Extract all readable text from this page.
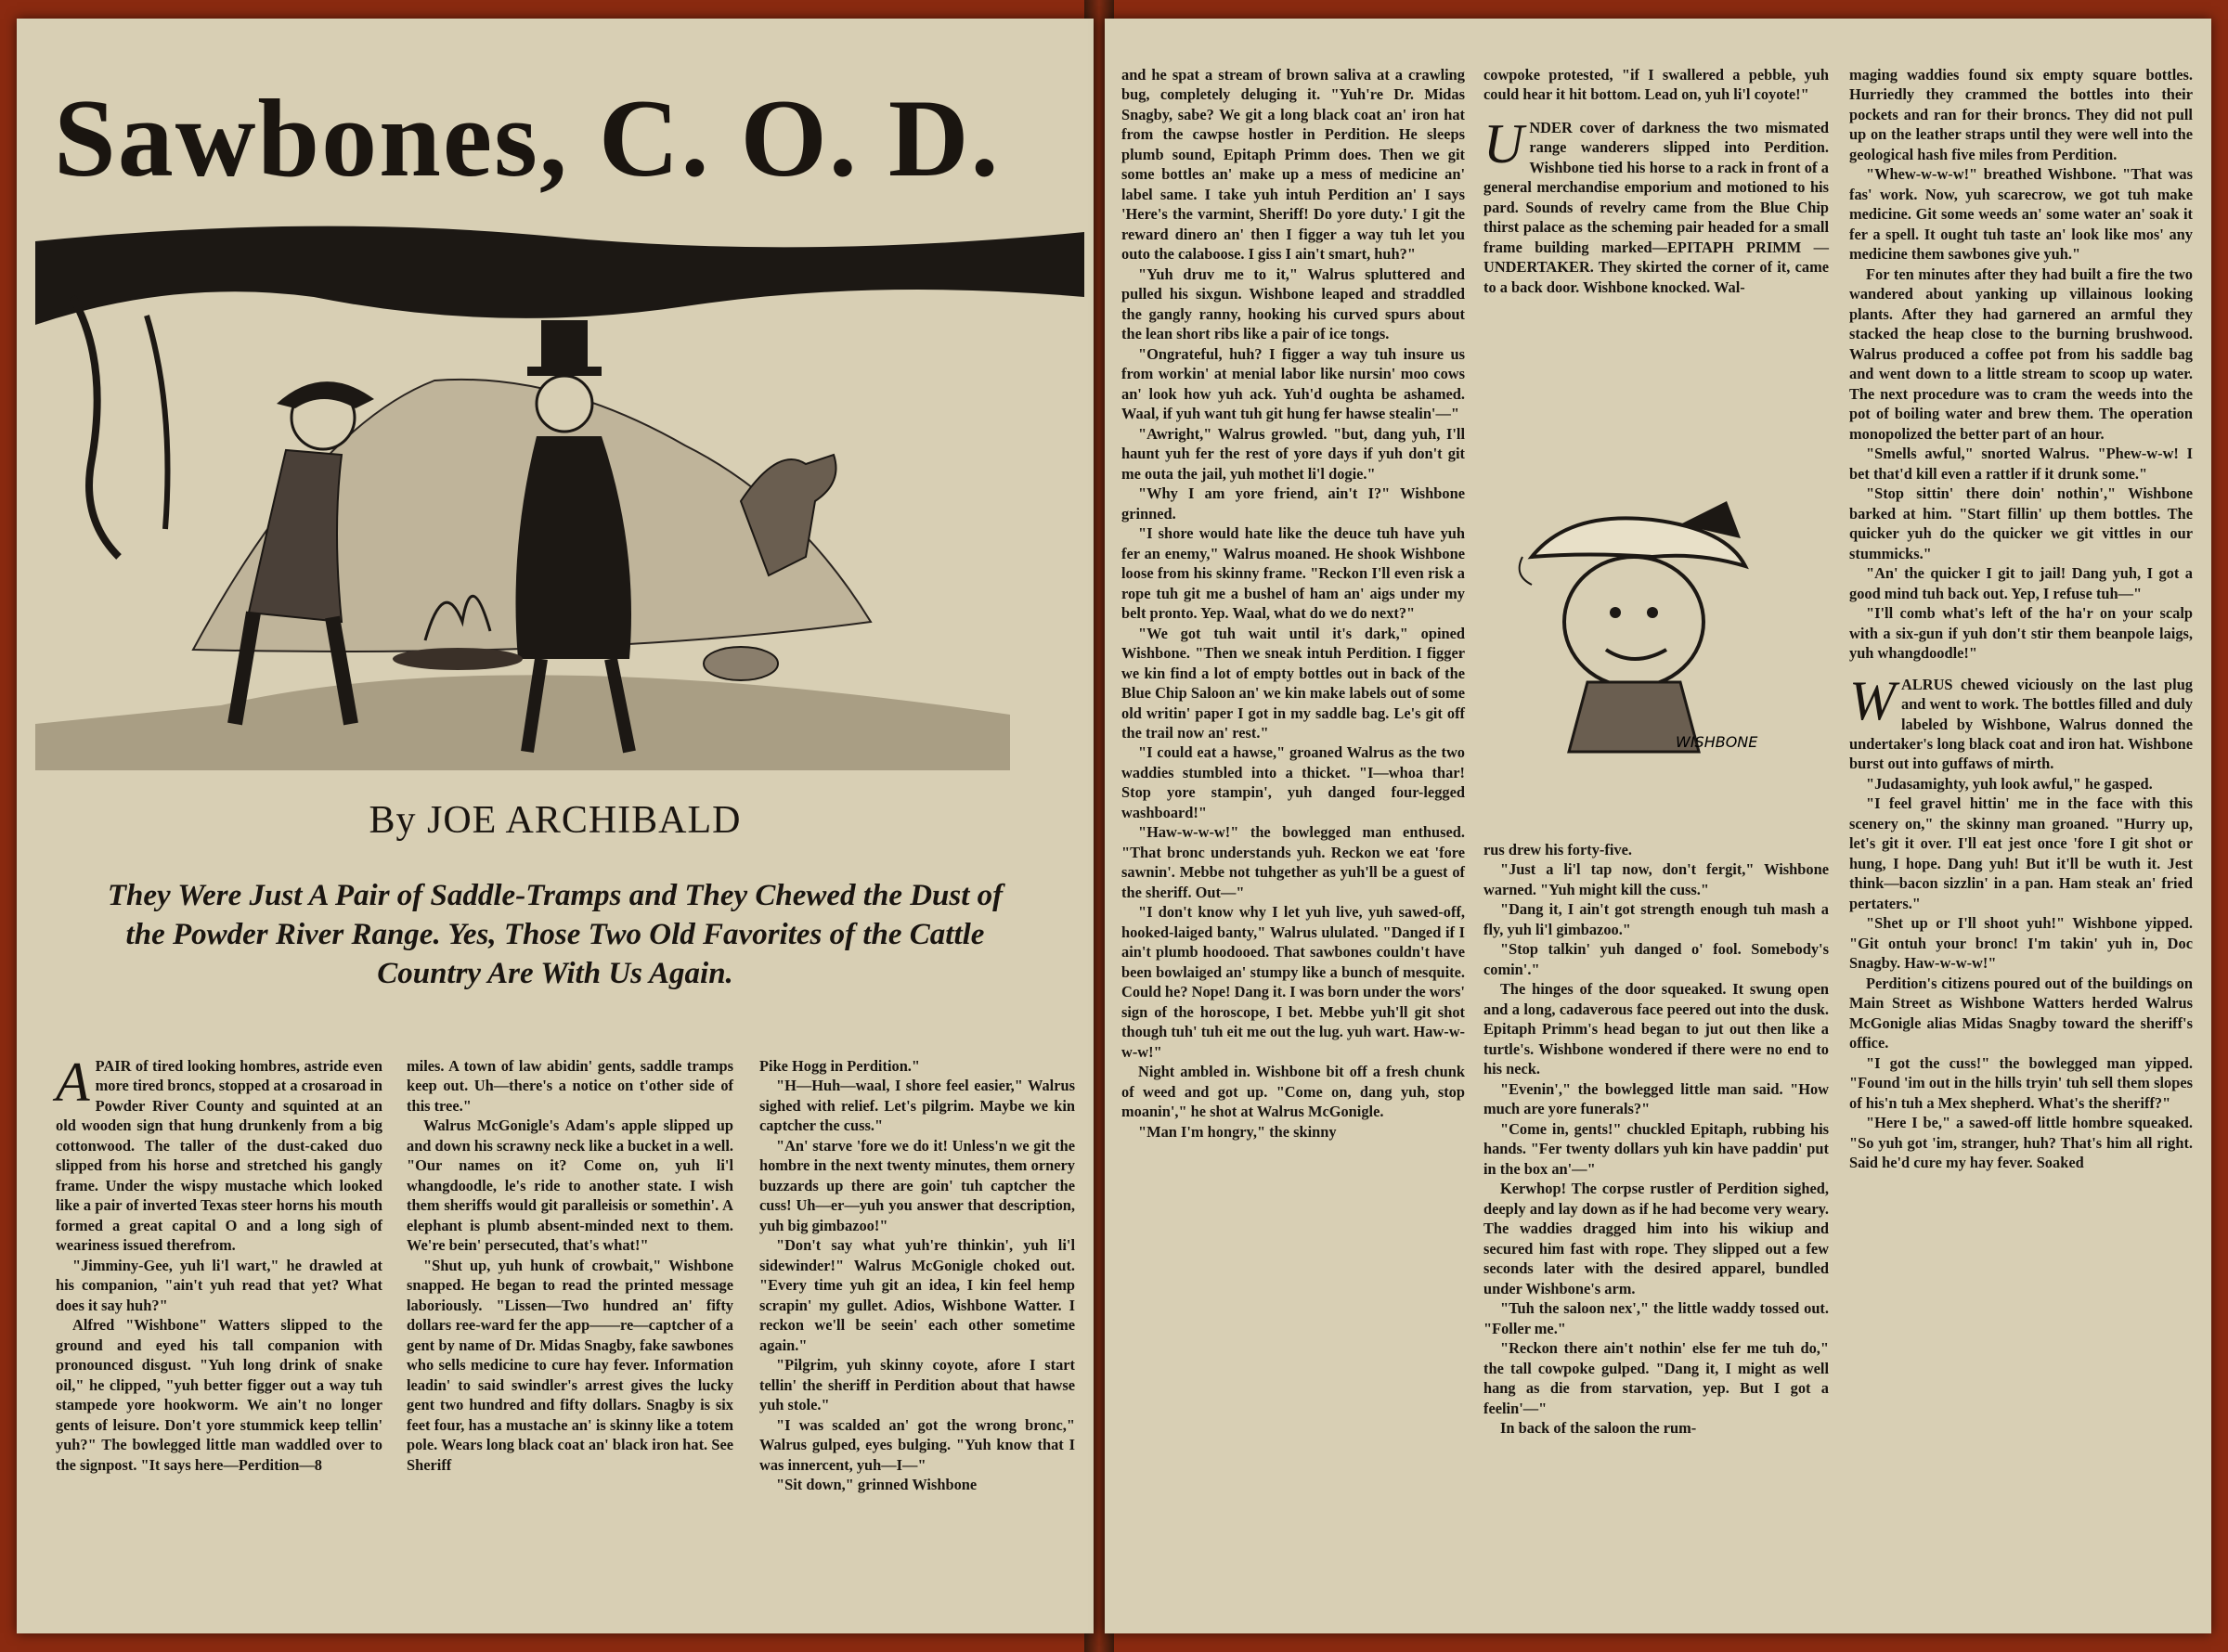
Sawbones, C. O. D.
By JOE ARCHIBALD
They Were Just A Pair of Saddle-Tramps and They Chewed the Dust of the Powder River Range. Yes, Those Two Old Favorites of the Cattle Country Are With Us Again.
A PAIR of tired looking hombres, astride even more tired broncs, stopped at a crosaroad in Powder River County and squinted at an old wooden sign that hung drunkenly from a big cottonwood. The taller of the dust-caked duo slipped from his horse and stretched his gangly frame. Under the wispy mustache which looked like a pair of inverted Texas steer horns his mouth formed a great capital O and a long sigh of weariness issued therefrom.

"Jimminy-Gee, yuh li'l wart," he drawled at his companion, "ain't yuh read that yet? What does it say huh?"

Alfred "Wishbone" Watters slipped to the ground and eyed his tall companion with pronounced disgust. "Yuh long drink of snake oil," he clipped, "yuh better figger out a way tuh stampede yore hookworm. We ain't no longer gents of leisure. Don't yore stummick keep tellin' yuh?" The bowlegged little man waddled over to the signpost. "It says here—Perdition—8

miles. A town of law abidin' gents, saddle tramps keep out. Uh—there's a notice on t'other side of this tree."

Walrus McGonigle's Adam's apple slipped up and down his scrawny neck like a bucket in a well. "Our names on it? Come on, yuh li'l whangdoodle, le's ride to another state. I wish them sheriffs would git paralleisis or somethin'. A elephant is plumb absent-minded next to them. We're bein' persecuted, that's what!"

"Shut up, yuh hunk of crowbait," Wishbone snapped. He began to read the printed message laboriously. "Lissen—Two hundred an' fifty dollars ree-ward fer the app——re—captcher of a gent by name of Dr. Midas Snagby, fake sawbones who sells medicine to cure hay fever. Information leadin' to said swindler's arrest gives the lucky gent two hundred and fifty dollars. Snagby is six feet four, has a mustache an' is skinny like a totem pole. Wears long black coat an' black iron hat. See Sheriff

Pike Hogg in Perdition."

"H—Huh—waal, I shore feel easier," Walrus sighed with relief. Let's pilgrim. Maybe we kin captcher the cuss."

"An' starve 'fore we do it! Unless'n we git the hombre in the next twenty minutes, them ornery buzzards up there are goin' tuh captcher the cuss! Uh—er—yuh you answer that description, yuh big gimbazoo!"

"Don't say what yuh're thinkin', yuh li'l sidewinder!" Walrus McGonigle choked out. "Every time yuh git an idea, I kin feel hemp scrapin' my gullet. Adios, Wishbone Watter. I reckon we'll be seein' each other sometime again."

"Pilgrim, yuh skinny coyote, afore I start tellin' the sheriff in Perdition about that hawse yuh stole."

"I was scalded an' got the wrong bronc," Walrus gulped, eyes bulging. "Yuh know that I was innercent, yuh—I—"

"Sit down," grinned Wishbone

and he spat a stream of brown saliva at a crawling bug, completely deluging it. "Yuh're Dr. Midas Snagby, sabe? We git a long black coat an' iron hat from the cawpse hostler in Perdition. He sleeps plumb sound, Epitaph Primm does. Then we git some bottles an' make up a mess of medicine an' label same. I take yuh intuh Perdition an' I says 'Here's the varmint, Sheriff! Do yore duty.' I git the reward dinero an' then I figger a way tuh let you outo the calaboose. I giss I ain't smart, huh?"

"Yuh druv me to it," Walrus spluttered and pulled his sixgun. Wishbone leaped and straddled the gangly ranny, hooking his curved spurs about the lean short ribs like a pair of ice tongs.

"Ongrateful, huh? I figger a way tuh insure us from workin' at menial labor like nursin' moo cows an' look how yuh ack. Yuh'd oughta be ashamed. Waal, if yuh want tuh git hung fer hawse stealin'—"

"Awright," Walrus growled. "but, dang yuh, I'll haunt yuh fer the rest of yore days if yuh don't git me outa the jail, yuh mothet li'l dogie."

"Why I am yore friend, ain't I?" Wishbone grinned.

"I shore would hate like the deuce tuh have yuh fer an enemy," Walrus moaned. He shook Wishbone loose from his skinny frame. "Reckon I'll even risk a rope tuh git me a bushel of ham an' aigs under my belt pronto. Yep. Waal, what do we do next?"

"We got tuh wait until it's dark," opined Wishbone. "Then we sneak intuh Perdition. I figger we kin find a lot of empty bottles out in back of the Blue Chip Saloon an' we kin make labels out of some old writin' paper I got in my saddle bag. Le's git off the trail now an' rest."

"I could eat a hawse," groaned Walrus as the two waddies stumbled into a thicket. "I—whoa thar! Stop yore stampin', yuh danged four-legged washboard!"

"Haw-w-w-w!" the bowlegged man enthused. "That bronc understands yuh. Reckon we eat 'fore sawnin'. Mebbe not tuhgether as yuh'll be a guest of the sheriff. Out—"

"I don't know why I let yuh live, yuh sawed-off, hooked-laiged banty," Walrus ululated. "Danged if I ain't plumb hoodooed. That sawbones couldn't have been bowlaiged an' stumpy like a bunch of mesquite. Could he? Nope! Dang it. I was born under the wors' sign of the horoscope, I bet. Mebbe yuh'll git shot though tuh' tuh eit me out the lug. yuh wart. Haw-w-w-w!"

Night ambled in. Wishbone bit off a fresh chunk of weed and got up. "Come on, dang yuh, stop moanin'," he shot at Walrus McGonigle.

"Man I'm hongry," the skinny

cowpoke protested, "if I swallered a pebble, yuh could hear it hit bottom. Lead on, yuh li'l coyote!"

U NDER cover of darkness the two mismated range wanderers slipped into Perdition. Wishbone tied his horse to a rack in front of a general merchandise emporium and motioned to his pard. Sounds of revelry came from the Blue Chip thirst palace as the scheming pair headed for a small frame building marked—EPITAPH PRIMM — UNDERTAKER. They skirted the corner of it, came to a back door. Wishbone knocked. Wal-

WISHBONE

rus drew his forty-five.

"Just a li'l tap now, don't fergit," Wishbone warned. "Yuh might kill the cuss."

"Dang it, I ain't got strength enough tuh mash a fly, yuh li'l gimbazoo."

"Stop talkin' yuh danged o' fool. Somebody's comin'."

The hinges of the door squeaked. It swung open and a long, cadaverous face peered out into the dusk. Epitaph Primm's head began to jut out then like a turtle's. Wishbone wondered if there were no end to his neck.

"Evenin'," the bowlegged little man said. "How much are yore funerals?"

"Come in, gents!" chuckled Epitaph, rubbing his hands. "Fer twenty dollars yuh kin have paddin' put in the box an'—"

Kerwhop! The corpse rustler of Perdition sighed, deeply and lay down as if he had become very weary. The waddies dragged him into his wikiup and secured him fast with rope. They slipped out a few seconds later with the desired apparel, bundled under Wishbone's arm.

"Tuh the saloon nex'," the little waddy tossed out. "Foller me."

"Reckon there ain't nothin' else fer me tuh do," the tall cowpoke gulped. "Dang it, I might as well hang as die from starvation, yep. But I got a feelin'—"

In back of the saloon the rum-

maging waddies found six empty square bottles. Hurriedly they crammed the bottles into their pockets and ran for their broncs. They did not pull up on the leather straps until they were well into the geological hash five miles from Perdition.

"Whew-w-w-w!" breathed Wishbone. "That was fas' work. Now, yuh scarecrow, we got tuh make medicine. Git some weeds an' some water an' soak it fer a spell. It ought tuh taste an' look like mos' any medicine them sawbones give yuh."

For ten minutes after they had built a fire the two wandered about yanking up villainous looking plants. After they had garnered an armful they stacked the heap close to the burning brushwood. Walrus produced a coffee pot from his saddle bag and went down to a little stream to scoop up water. The next procedure was to cram the weeds into the pot of boiling water and brew them. The operation monopolized the better part of an hour.

"Smells awful," snorted Walrus. "Phew-w-w! I bet that'd kill even a rattler if it drunk some."

"Stop sittin' there doin' nothin'," Wishbone barked at him. "Start fillin' up them bottles. The quicker yuh do the quicker we git vittles in our stummicks."

"An' the quicker I git to jail! Dang yuh, I got a good mind tuh back out. Yep, I refuse tuh—"

"I'll comb what's left of the ha'r on your scalp with a six-gun if yuh don't stir them beanpole laigs, yuh whangdoodle!"

W ALRUS chewed viciously on the last plug and went to work. The bottles filled and duly labeled by Wishbone, Walrus donned the undertaker's long black coat and iron hat. Wishbone burst out into guffaws of mirth.

"Judasamighty, yuh look awful," he gasped.

"I feel gravel hittin' me in the face with this scenery on," the skinny man groaned. "Hurry up, let's git it over. I'll eat jest once 'fore I git shot or hung, I hope. Dang yuh! But it'll be wuth it. Jest think—bacon sizzlin' in a pan. Ham steak an' fried pertaters."

"Shet up or I'll shoot yuh!" Wishbone yipped. "Git ontuh your bronc! I'm takin' yuh in, Doc Snagby. Haw-w-w-w!"

Perdition's citizens poured out of the buildings on Main Street as Wishbone Watters herded Walrus McGonigle alias Midas Snagby toward the sheriff's office.

"I got the cuss!" the bowlegged man yipped. "Found 'im out in the hills tryin' tuh sell them slopes of his'n tuh a Mex shepherd. What's the sheriff?"

"Here I be," a sawed-off little hombre squeaked. "So yuh got 'im, stranger, huh? That's him all right. Said he'd cure my hay fever. Soaked
